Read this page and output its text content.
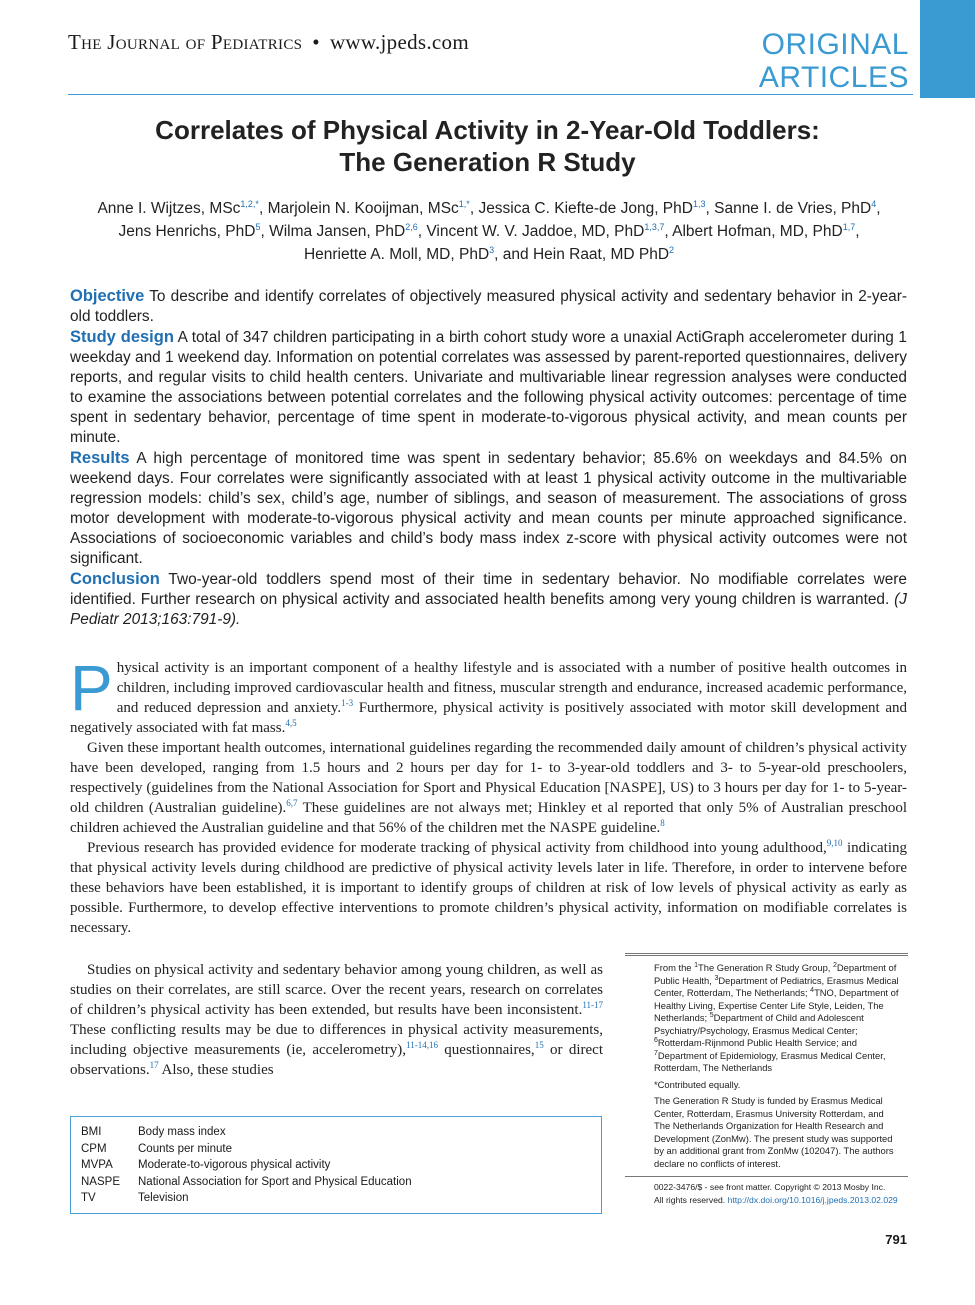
The Journal of Pediatrics • www.jpeds.com	ORIGINAL
ARTICLES
Correlates of Physical Activity in 2-Year-Old Toddlers:
The Generation R Study
Anne I. Wijtzes, MSc$^{1,2,*}$, Marjolein N. Kooijman, MSc$^{1,*}$, Jessica C. Kiefte-de Jong, PhD$^{1,3}$, Sanne I. de Vries, PhD$^4$,
Jens Henrichs, PhD$^5$, Wilma Jansen, PhD$^{2,6}$, Vincent W. V. Jaddoe, MD, PhD$^{1,3,7}$, Albert Hofman, MD, PhD$^{1,7}$,
Henriette A. Moll, MD, PhD$^3$, and Hein Raat, MD PhD$^2$

Objective To describe and identify correlates of objectively measured physical activity and sedentary behavior in 2-year-old toddlers.

Study design A total of 347 children participating in a birth cohort study wore a unaxial ActiGraph accelerometer during 1 weekday and 1 weekend day. Information on potential correlates was assessed by parent-reported questionnaires, delivery reports, and regular visits to child health centers. Univariate and multivariable linear regression analyses were conducted to examine the associations between potential correlates and the following physical activity outcomes: percentage of time spent in sedentary behavior, percentage of time spent in moderate-to-vigorous physical activity, and mean counts per minute.

Results A high percentage of monitored time was spent in sedentary behavior; 85.6% on weekdays and 84.5% on weekend days. Four correlates were significantly associated with at least 1 physical activity outcome in the multivariable regression models: child’s sex, child’s age, number of siblings, and season of measurement. The associations of gross motor development with moderate-to-vigorous physical activity and mean counts per minute approached significance. Associations of socioeconomic variables and child’s body mass index z-score with physical activity outcomes were not significant.

Conclusion Two-year-old toddlers spend most of their time in sedentary behavior. No modifiable correlates were identified. Further research on physical activity and associated health benefits among very young children is warranted. (J Pediatr 2013;163:791-9).

Physical activity is an important component of a healthy lifestyle and is associated with a number of positive health outcomes in children, including improved cardiovascular health and fitness, muscular strength and endurance, increased academic performance, and reduced depression and anxiety.$^{1-3}$ Furthermore, physical activity is positively associated with motor skill development and negatively associated with fat mass.$^{4,5}$

Given these important health outcomes, international guidelines regarding the recommended daily amount of children’s physical activity have been developed, ranging from 1.5 hours and 2 hours per day for 1- to 3-year-old toddlers and 3- to 5-year-old preschoolers, respectively (guidelines from the National Association for Sport and Physical Education [NASPE], US) to 3 hours per day for 1- to 5-year-old children (Australian guideline).$^{6,7}$ These guidelines are not always met; Hinkley et al reported that only 5% of Australian preschool children achieved the Australian guideline and that 56% of the children met the NASPE guideline.$^8$

Previous research has provided evidence for moderate tracking of physical activity from childhood into young adulthood,$^{9,10}$ indicating that physical activity levels during childhood are predictive of physical activity levels later in life. Therefore, in order to intervene before these behaviors have been established, it is important to identify groups of children at risk of low levels of physical activity as early as possible. Furthermore, to develop effective interventions to promote children’s physical activity, information on modifiable correlates is necessary.

Studies on physical activity and sedentary behavior among young children, as well as studies on their correlates, are still scarce. Over the recent years, research on correlates of children’s physical activity has been extended, but results have been inconsistent.$^{11-17}$ These conflicting results may be due to differences in physical activity measurements, including objective measurements (ie, accelerometry),$^{11-14,16}$ questionnaires,$^{15}$ or direct observations.$^{17}$ Also, these studies

BMI	Body mass index
CPM	Counts per minute
MVPA	Moderate-to-vigorous physical activity
NASPE	National Association for Sport and Physical Education
TV	Television

From the $^1$The Generation R Study Group, $^2$Department of Public Health, $^3$Department of Pediatrics, Erasmus Medical Center, Rotterdam, The Netherlands; $^4$TNO, Department of Healthy Living, Expertise Center Life Style, Leiden, The Netherlands; $^5$Department of Child and Adolescent Psychiatry/Psychology, Erasmus Medical Center; $^6$Rotterdam-Rijnmond Public Health Service; and $^7$Department of Epidemiology, Erasmus Medical Center, Rotterdam, The Netherlands

*Contributed equally.

The Generation R Study is funded by Erasmus Medical Center, Rotterdam, Erasmus University Rotterdam, and The Netherlands Organization for Health Research and Development (ZonMw). The present study was supported by an additional grant from ZonMw (102047). The authors declare no conflicts of interest.

0022-3476/$ - see front matter. Copyright © 2013 Mosby Inc.
All rights reserved. http://dx.doi.org/10.1016/j.jpeds.2013.02.029
791
